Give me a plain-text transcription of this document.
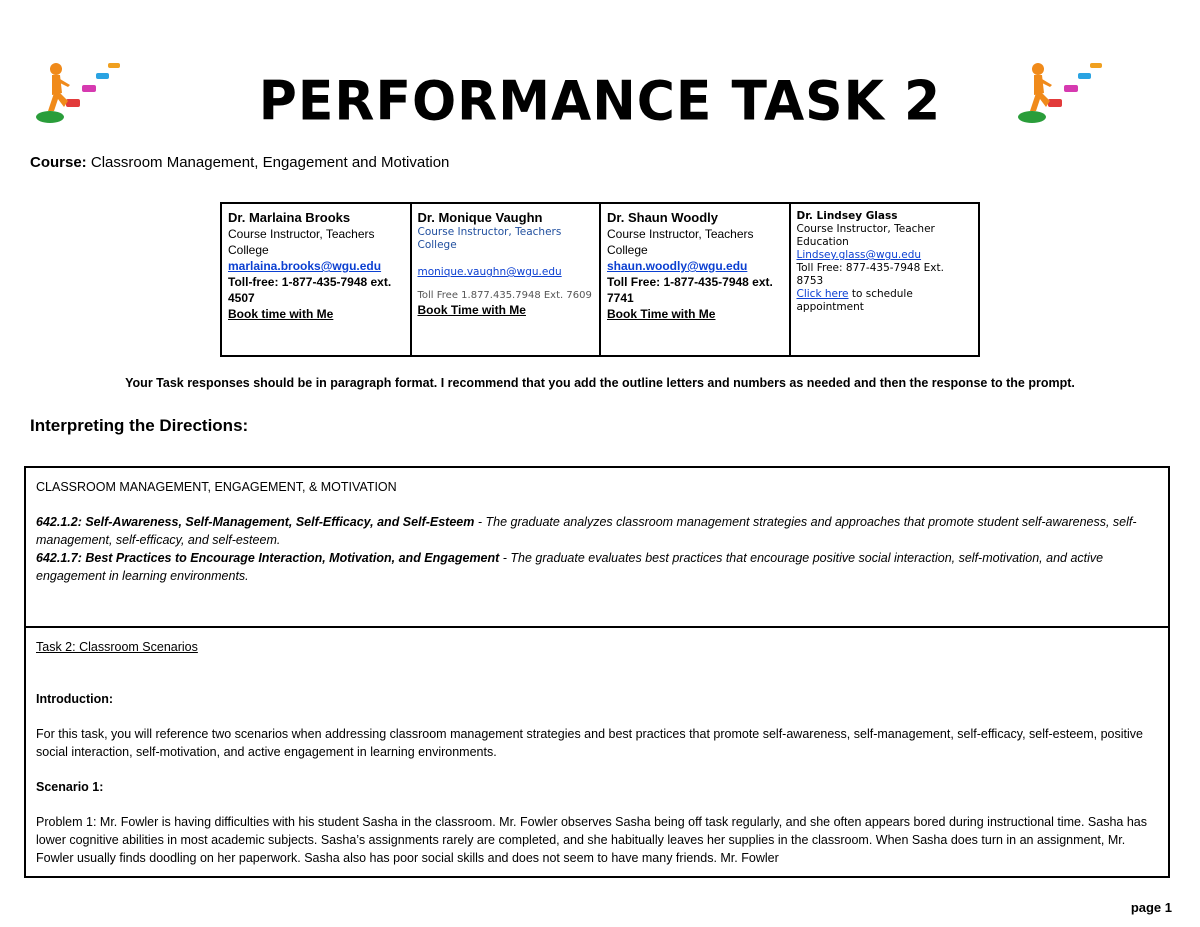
PERFORMANCE TASK 2
Course: Classroom Management, Engagement and Motivation
Dr. Marlaina Brooks
Course Instructor, Teachers College
marlaina.brooks@wgu.edu
Toll-free: 1-877-435-7948 ext. 4507
Book time with Me

Dr. Monique Vaughn
Course Instructor, Teachers College
monique.vaughn@wgu.edu
Toll Free 1.877.435.7948 Ext. 7609
Book Time with Me

Dr. Shaun Woodly
Course Instructor, Teachers College
shaun.woodly@wgu.edu
Toll Free: 1-877-435-7948 ext. 7741
Book Time with Me

Dr. Lindsey Glass
Course Instructor, Teacher Education
Lindsey.glass@wgu.edu
Toll Free: 877-435-7948 Ext. 8753
Click here to schedule appointment
Your Task responses should be in paragraph format. I recommend that you add the outline letters and numbers as needed and then the response to the prompt.
Interpreting the Directions:
CLASSROOM MANAGEMENT, ENGAGEMENT, & MOTIVATION
642.1.2: Self-Awareness, Self-Management, Self-Efficacy, and Self-Esteem - The graduate analyzes classroom management strategies and approaches that promote student self-awareness, self-management, self-efficacy, and self-esteem.
642.1.7: Best Practices to Encourage Interaction, Motivation, and Engagement - The graduate evaluates best practices that encourage positive social interaction, self-motivation, and active engagement in learning environments.
Task 2: Classroom Scenarios
Introduction:
For this task, you will reference two scenarios when addressing classroom management strategies and best practices that promote self-awareness, self-management, self-efficacy, self-esteem, positive social interaction, self-motivation, and active engagement in learning environments.
Scenario 1:
Problem 1: Mr. Fowler is having difficulties with his student Sasha in the classroom. Mr. Fowler observes Sasha being off task regularly, and she often appears bored during instructional time. Sasha has lower cognitive abilities in most academic subjects. Sasha’s assignments rarely are completed, and she habitually leaves her supplies in the classroom. When Sasha does turn in an assignment, Mr. Fowler usually finds doodling on her paperwork. Sasha also has poor social skills and does not seem to have many friends. Mr. Fowler
page 1
